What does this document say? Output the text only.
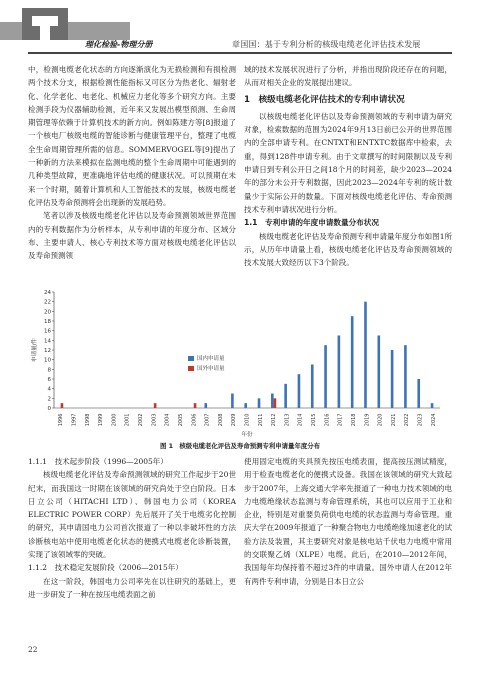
理化检验-物理分册	章国国：基于专利分析的核级电缆老化评估技术发展

中，检测电缆老化状态的方向逐渐演化为无损检测和有损检测两个技术分支，根据检测性能指标又可区分为热老化、辐射老化、化学老化、电老化、机械应力老化等多个研究方向。主要检测手段为仪器辅助检测，近年来又发展出模型预测、生命周期管理等依赖于计算机技术的新方向。例如陈建方等[8]报道了一个核电厂核级电缆的智能诊断与健康管理平台，整理了电缆全生命周期管理所需的信息。SOMMERVOGEL等[9]提出了一种新的方法来模拟在监测电缆的整个生命周期中可能遇到的几种类型故障，更准确地评估电缆的健康状况。可以预期在未来一个时期，随着计算机和人工智能技术的发展，核级电缆老化评估及寿命预测将会出现新的发展趋势。

笔者以涉及核级电缆老化评估以及寿命预测领域世界范围内的专利数据作为分析样本，从专利申请的年度分布、区域分布、主要申请人、核心专利技术等方面对核级电缆老化评估以及寿命预测领

域的技术发展状况进行了分析，并指出现阶段还存在的问题，从而对相关企业的发展提出建议。

1　核级电缆老化评估技术的专利申请状况

以核级电缆老化评估以及寿命预测领域的专利申请为研究对象，检索数据的范围为2024年9月13日前已公开的世界范围内的全部申请专利。在CNTXT和ENTXTC数据库中检索，去重，得到128件申请专利。由于文章撰写的时间限制以及专利申请日到专利公开日之间18个月的时间差，缺少2023—2024年的部分未公开专利数据，因此2023—2024年专利的统计数量少于实际公开的数量。下面对核级电缆老化评估、寿命预测技术专利申请状况进行分析。

1.1　专利申请的年度申请数量分布状况

核级电缆老化评估及寿命预测专利申请量年度分布如图1所示，从历年申请量上看，核级电缆老化评估及寿命预测领域的技术发展大致经历以下3个阶段。

0
2
4
6
8
10
12
14
16
18
20
22
24
申请量/件
1996 1997 1998 1999 2000 2001 2002 2003 2004 2005 2006 2007 2008 2009 2010 2011 2012 2013 2014 2015 2016 2017 2018 2019 2020 2021 2022 2023 2024
年份
国内申请量
国外申请量
图 1　核级电缆老化评估及寿命预测专利申请量年度分布
1.1.1　技术起步阶段（1996—2005年）

核级电缆老化评估及寿命预测领域的研究工作起步于20世纪末，而我国这一时期在该领域的研究尚处于空白阶段。日本日立公司（HITACHI LTD）、韩国电力公司（KOREA ELECTRIC POWER CORP）先后展开了关于电缆劣化控制的研究，其申请国电力公司首次报道了一种以非破坏性的方法诊断核电站中使用电缆老化状态的便携式电缆老化诊断装置，实现了该领域零的突破。

1.1.2　技术稳定发展阶段（2006—2015年）

在这一阶段，韩国电力公司率先在以往研究的基础上，更进一步研发了一种在按压电缆表面之前

使用固定电缆的夹具预先按压电缆表面，提高按压测试精度，用于检查电缆老化的便携式设备。我国在该领域的研究大致起步于2007年，上海交通大学率先报道了一种电力技术领域的电力电缆绝缘状态监测与寿命管理系统，其也可以应用于工业和企业，特别是对重要负荷供电电缆的状态监测与寿命管理。重庆大学在2009年报道了一种聚合物电力电缆绝缘加速老化的试验方法及装置，其主要研究对象是核电站千伏电力电缆中常用的交联聚乙烯（XLPE）电缆。此后，在2010—2012年间，我国每年均保持着不超过3件的申请量。国外申请人在2012年有两件专利申请，分别是日本日立公

22
